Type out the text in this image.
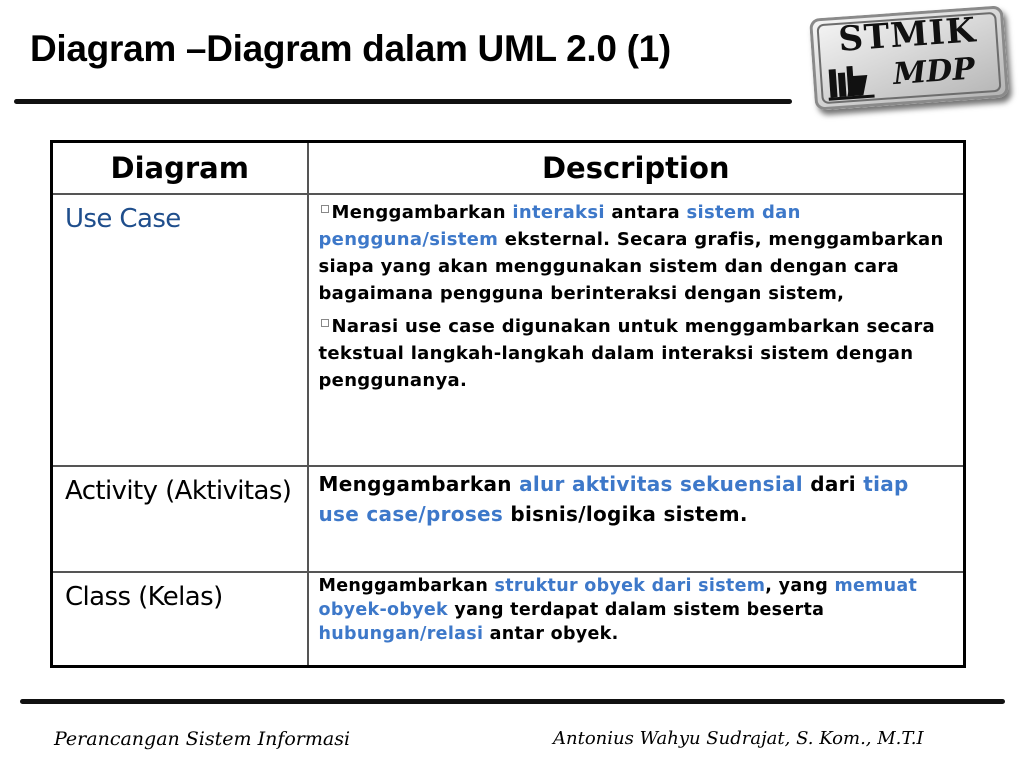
Diagram –Diagram dalam UML 2.0 (1)	STMIK
MDP
Diagram	Description
Use Case	Menggambarkan interaksi antara sistem dan pengguna/sistem eksternal. Secara grafis, menggambarkan siapa yang akan menggunakan sistem dan dengan cara bagaimana pengguna berinteraksi dengan sistem,

Narasi use case digunakan untuk menggambarkan secara tekstual langkah-langkah dalam interaksi sistem dengan penggunanya.

Activity (Aktivitas)	Menggambarkan alur aktivitas sekuensial dari tiap use case/proses bisnis/logika sistem.
Class (Kelas)	Menggambarkan struktur obyek dari sistem, yang memuat obyek-obyek yang terdapat dalam sistem beserta hubungan/relasi antar obyek.
Perancangan Sistem Informasi	Antonius Wahyu Sudrajat, S. Kom., M.T.I
